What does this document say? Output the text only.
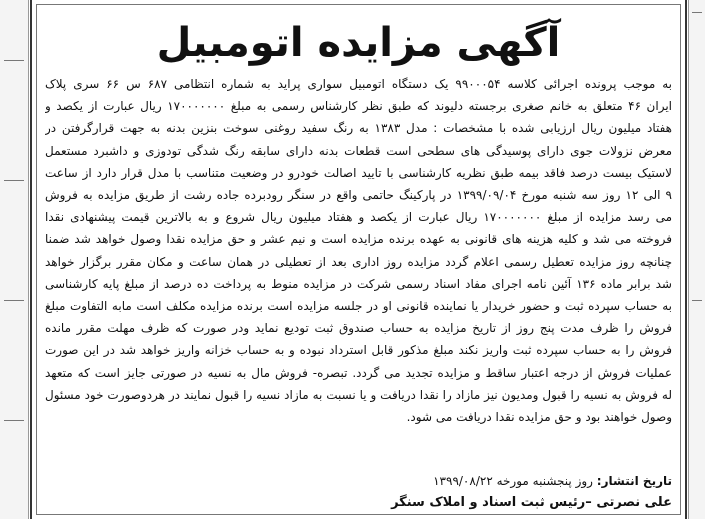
آگهی مزایده اتومبیل
به موجب پرونده اجرائی کلاسه ۹۹۰۰۰۵۴ یک دستگاه اتومبیل سواری پراید به شماره انتظامی ۶۸۷ س ۶۶ سری پلاک
ایران ۴۶ متعلق به خانم صغری برجسته دلیوند که طبق نظر کارشناس رسمی به مبلغ ۱۷۰۰۰۰۰۰۰ ریال عبارت از یکصد و
هفتاد میلیون ریال ارزیابی شده با مشخصات : مدل ۱۳۸۳ به رنگ سفید روغنی سوخت بنزین بدنه به جهت قرارگرفتن در
معرض نزولات جوی دارای پوسیدگی های سطحی است قطعات بدنه دارای سابقه رنگ شدگی تودوزی و داشبرد مستعمل
لاستیک بیست درصد فاقد بیمه طبق نظریه کارشناسی با تایید اصالت خودرو در وضعیت متناسب با مدل قرار دارد از ساعت
۹ الی ۱۲ روز سه شنبه مورخ ۱۳۹۹/۰۹/۰۴ در پارکینگ حاتمی واقع در سنگر رودبرده جاده رشت از طریق مزایده به فروش
می رسد مزایده از مبلغ ۱۷۰۰۰۰۰۰۰ ریال عبارت از یکصد و هفتاد میلیون ریال شروع و به بالاترین قیمت پیشنهادی نقدا
فروخته می شد و کلیه هزینه های قانونی به عهده برنده مزایده است و نیم عشر و حق مزایده نقدا وصول خواهد شد ضمنا
چنانچه روز مزایده تعطیل رسمی اعلام گردد مزایده روز اداری بعد از تعطیلی در همان ساعت و مکان مقرر برگزار خواهد
شد برابر ماده ۱۳۶ آئین نامه اجرای مفاد اسناد رسمی شرکت در مزایده منوط به پرداخت ده درصد از مبلغ پایه کارشناسی
به حساب سپرده ثبت و حضور خریدار یا نماینده قانونی او در جلسه مزایده است برنده مزایده مکلف است مابه التفاوت مبلغ
فروش را ظرف مدت پنج روز از تاریخ مزایده به حساب صندوق ثبت تودیع نماید ودر صورت که ظرف مهلت مقرر مانده
فروش را به حساب سپرده ثبت واریز نکند مبلغ مذکور قابل استرداد نبوده و به حساب خزانه واریز خواهد شد در این صورت
عملیات فروش از درجه اعتبار ساقط و مزایده تجدید می گردد. تبصره- فروش مال به نسیه در صورتی جایز است که متعهد
له فروش به نسیه را قبول ومدیون نیز مازاد را نقدا دریافت و یا نسبت به مازاد نسیه را قبول نمایند در هردوصورت خود مسئول
وصول خواهند بود و حق مزایده نقدا دریافت می شود.
تاریخ انتشار: روز پنجشنبه مورخه ۱۳۹۹/۰۸/۲۲
علی نصرتی –رئیس ثبت اسناد و املاک سنگر
